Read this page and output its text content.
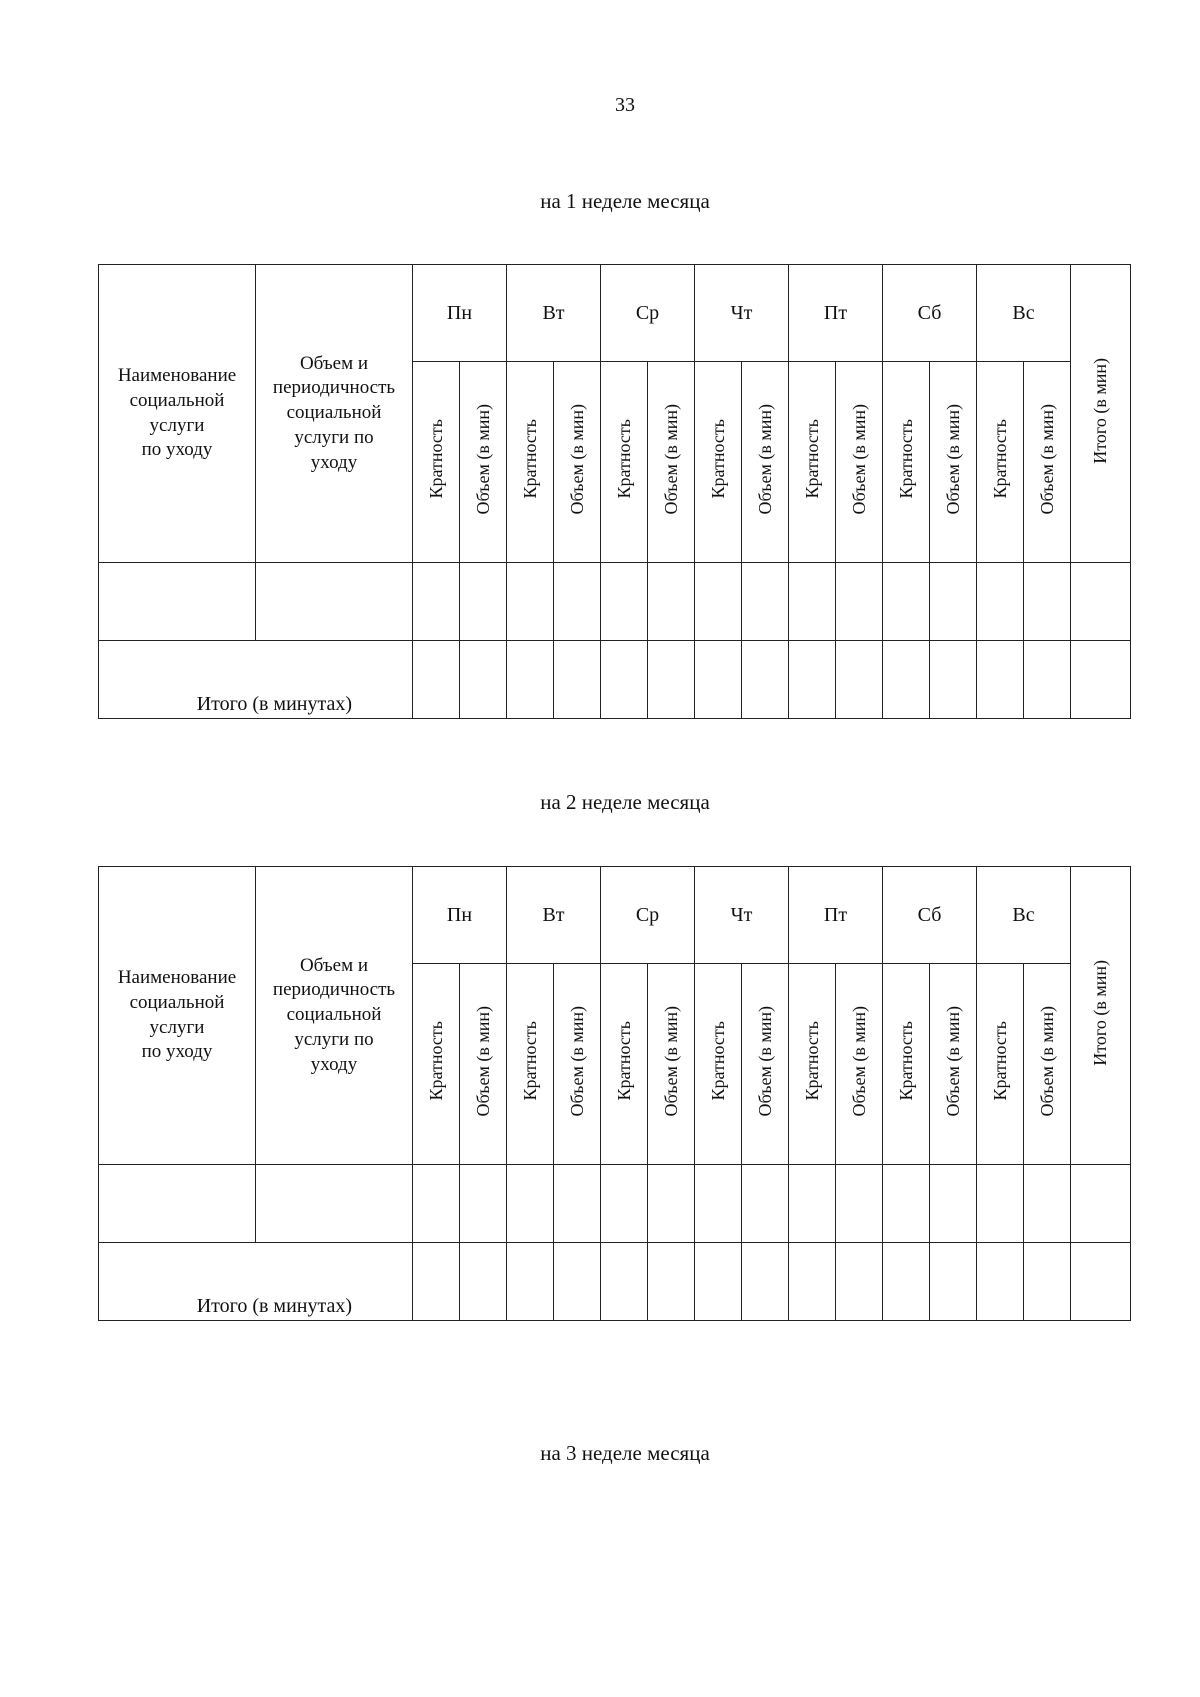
33
на 1 неделе месяца
Наименование
социальной
услуги
по уходу	Объем и
периодичность
социальной
услуги по
уходу	Пн		Вт		Ср		Чт		Пт		Сб		Вс		Итого (в мин)
		Кратность	Объем (в мин)	Кратность	Объем (в мин)	Кратность	Объем (в мин)	Кратность	Объем (в мин)	Кратность	Объем (в мин)	Кратность	Объем (в мин)	Кратность	Объем (в мин)	

Итого (в минутах)																
на 2 неделе месяца
Наименование
социальной
услуги
по уходу	Объем и
периодичность
социальной
услуги по
уходу	Пн		Вт		Ср		Чт		Пт		Сб		Вс		Итого (в мин)
		Кратность	Объем (в мин)	Кратность	Объем (в мин)	Кратность	Объем (в мин)	Кратность	Объем (в мин)	Кратность	Объем (в мин)	Кратность	Объем (в мин)	Кратность	Объем (в мин)	

Итого (в минутах)																
на 3 неделе месяца
